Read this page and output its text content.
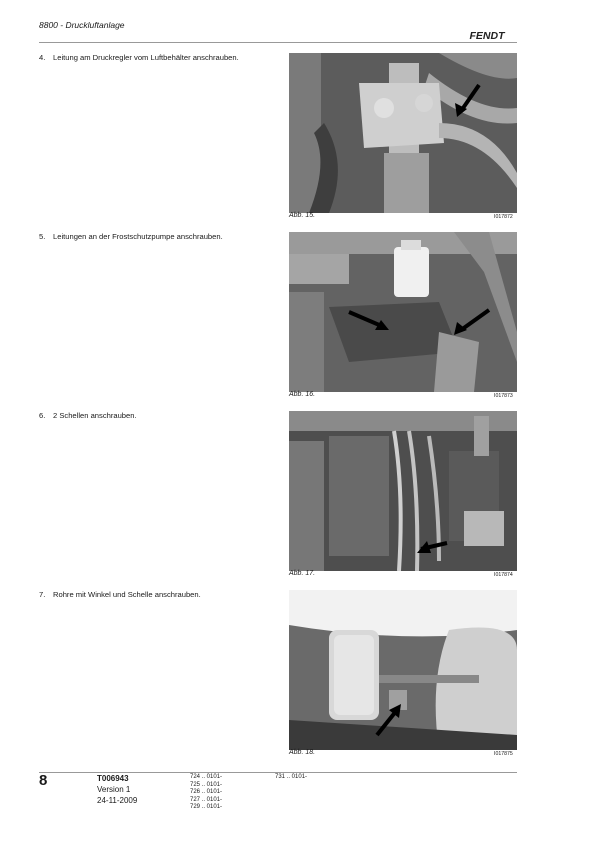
8800 - Druckluftanlage
FENDT
4.	Leitung am Druckregler vom Luftbehälter anschrauben.
Abb. 15.	I017872
5.	Leitungen an der Frostschutzpumpe anschrauben.
Abb. 16.	I017873
6.	2 Schellen anschrauben.
Abb. 17.	I017874
7.	Rohre mit Winkel und Schelle anschrauben.
Abb. 18.	I017875
8	T006943
Version 1
24-11-2009
724 .. 0101-
725 .. 0101-
726 .. 0101-
727 .. 0101-
729 .. 0101-
731 .. 0101-
